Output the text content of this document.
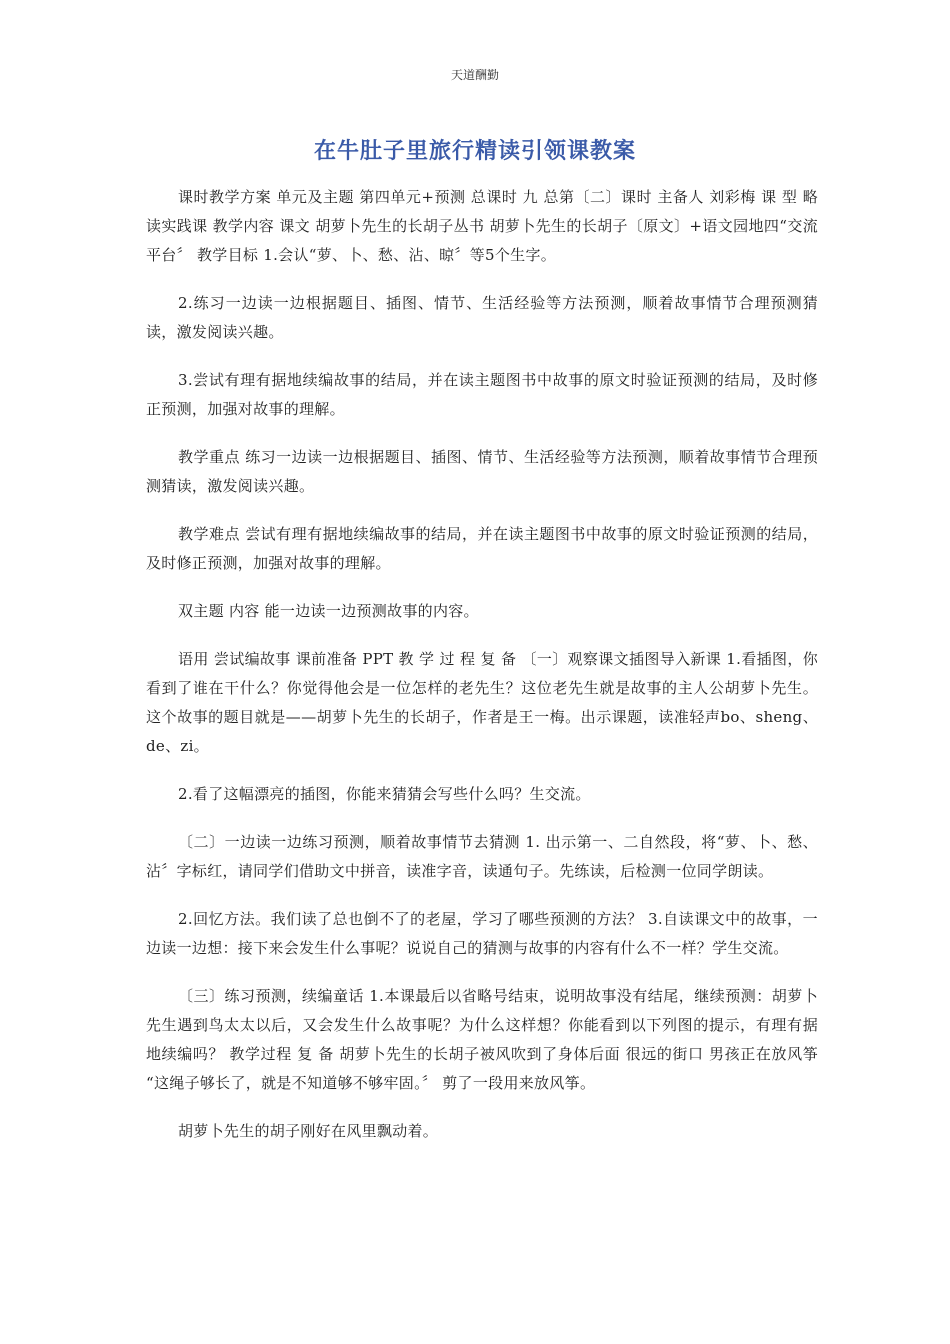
天道酬勤
在牛肚子里旅行精读引领课教案

课时教学方案 单元及主题 第四单元+预测 总课时 九 总第〔二〕课时 主备人 刘彩梅 课 型 略读实践课 教学内容 课文 胡萝卜先生的长胡子丛书 胡萝卜先生的长胡子〔原文〕+语文园地四“交流平台〞 教学目标 1.会认“萝、卜、愁、沾、晾〞等5个生字。

2.练习一边读一边根据题目、插图、情节、生活经验等方法预测，顺着故事情节合理预测猜读，激发阅读兴趣。

3.尝试有理有据地续编故事的结局，并在读主题图书中故事的原文时验证预测的结局，及时修正预测，加强对故事的理解。

教学重点 练习一边读一边根据题目、插图、情节、生活经验等方法预测，顺着故事情节合理预测猜读，激发阅读兴趣。

教学难点 尝试有理有据地续编故事的结局，并在读主题图书中故事的原文时验证预测的结局，及时修正预测，加强对故事的理解。

双主题 内容 能一边读一边预测故事的内容。

语用 尝试编故事 课前准备 PPT 教 学 过 程 复 备 〔一〕观察课文插图导入新课 1.看插图，你看到了谁在干什么？你觉得他会是一位怎样的老先生？这位老先生就是故事的主人公胡萝卜先生。这个故事的题目就是——胡萝卜先生的长胡子，作者是王一梅。出示课题，读准轻声bo、sheng、de、zi。

2.看了这幅漂亮的插图，你能来猜猜会写些什么吗？生交流。

〔二〕一边读一边练习预测，顺着故事情节去猜测 1. 出示第一、二自然段，将“萝、卜、愁、沾〞字标红，请同学们借助文中拼音，读准字音，读通句子。先练读，后检测一位同学朗读。

2.回忆方法。我们读了总也倒不了的老屋，学习了哪些预测的方法？ 3.自读课文中的故事，一边读一边想：接下来会发生什么事呢？说说自己的猜测与故事的内容有什么不一样？学生交流。

〔三〕练习预测，续编童话 1.本课最后以省略号结束，说明故事没有结尾，继续预测：胡萝卜先生遇到鸟太太以后，又会发生什么故事呢？为什么这样想？你能看到以下列图的提示，有理有据地续编吗？ 教学过程 复 备 胡萝卜先生的长胡子被风吹到了身体后面 很远的街口 男孩正在放风筝 “这绳子够长了，就是不知道够不够牢固。〞 剪了一段用来放风筝。

胡萝卜先生的胡子刚好在风里飘动着。
